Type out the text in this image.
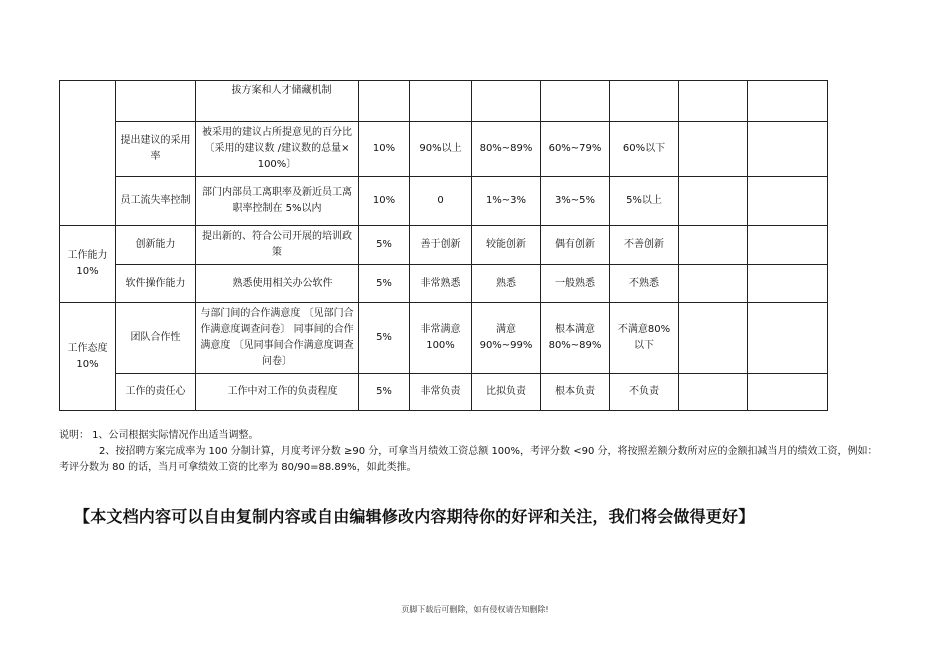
		拔方案和人才储藏机制							
	提出建议的采用率	被采用的建议占所提意见的百分比〔采用的建议数 /建议数的总量× 100%〕	10%	90%以上	80%~89%	60%~79%	60%以下		
	员工流失率控制	部门内部员工离职率及新近员工离职率控制在 5%以内	10%	0	1%~3%	3%~5%	5%以上		
工作能力 10%	创新能力	提出新的、符合公司开展的培训政策	5%	善于创新	较能创新	偶有创新	不善创新		
	软件操作能力	熟悉使用相关办公软件	5%	非常熟悉	熟悉	一般熟悉	不熟悉		
工作态度 10%	团队合作性	与部门间的合作满意度 〔见部门合作满意度调查问卷〕 同事间的合作满意度 〔见同事间合作满意度调查问卷〕	5%	非常满意100%	满意90%~99%	根本满意80%~89%	不满意80%以下		
	工作的责任心	工作中对工作的负责程度	5%	非常负责	比拟负责	根本负责	不负责		

说明： 1、公司根据实际情况作出适当调整。

2、按招聘方案完成率为 100 分制计算，月度考评分数 ≥90 分，可拿当月绩效工资总额 100%，考评分数 <90 分，将按照差额分数所对应的金额扣减当月的绩效工资，例如：考评分数为 80 的话，当月可拿绩效工资的比率为 80/90=88.89%，如此类推。

【本文档内容可以自由复制内容或自由编辑修改内容期待你的好评和关注，我们将会做得更好】
页脚下载后可删除，如有侵权请告知删除!
